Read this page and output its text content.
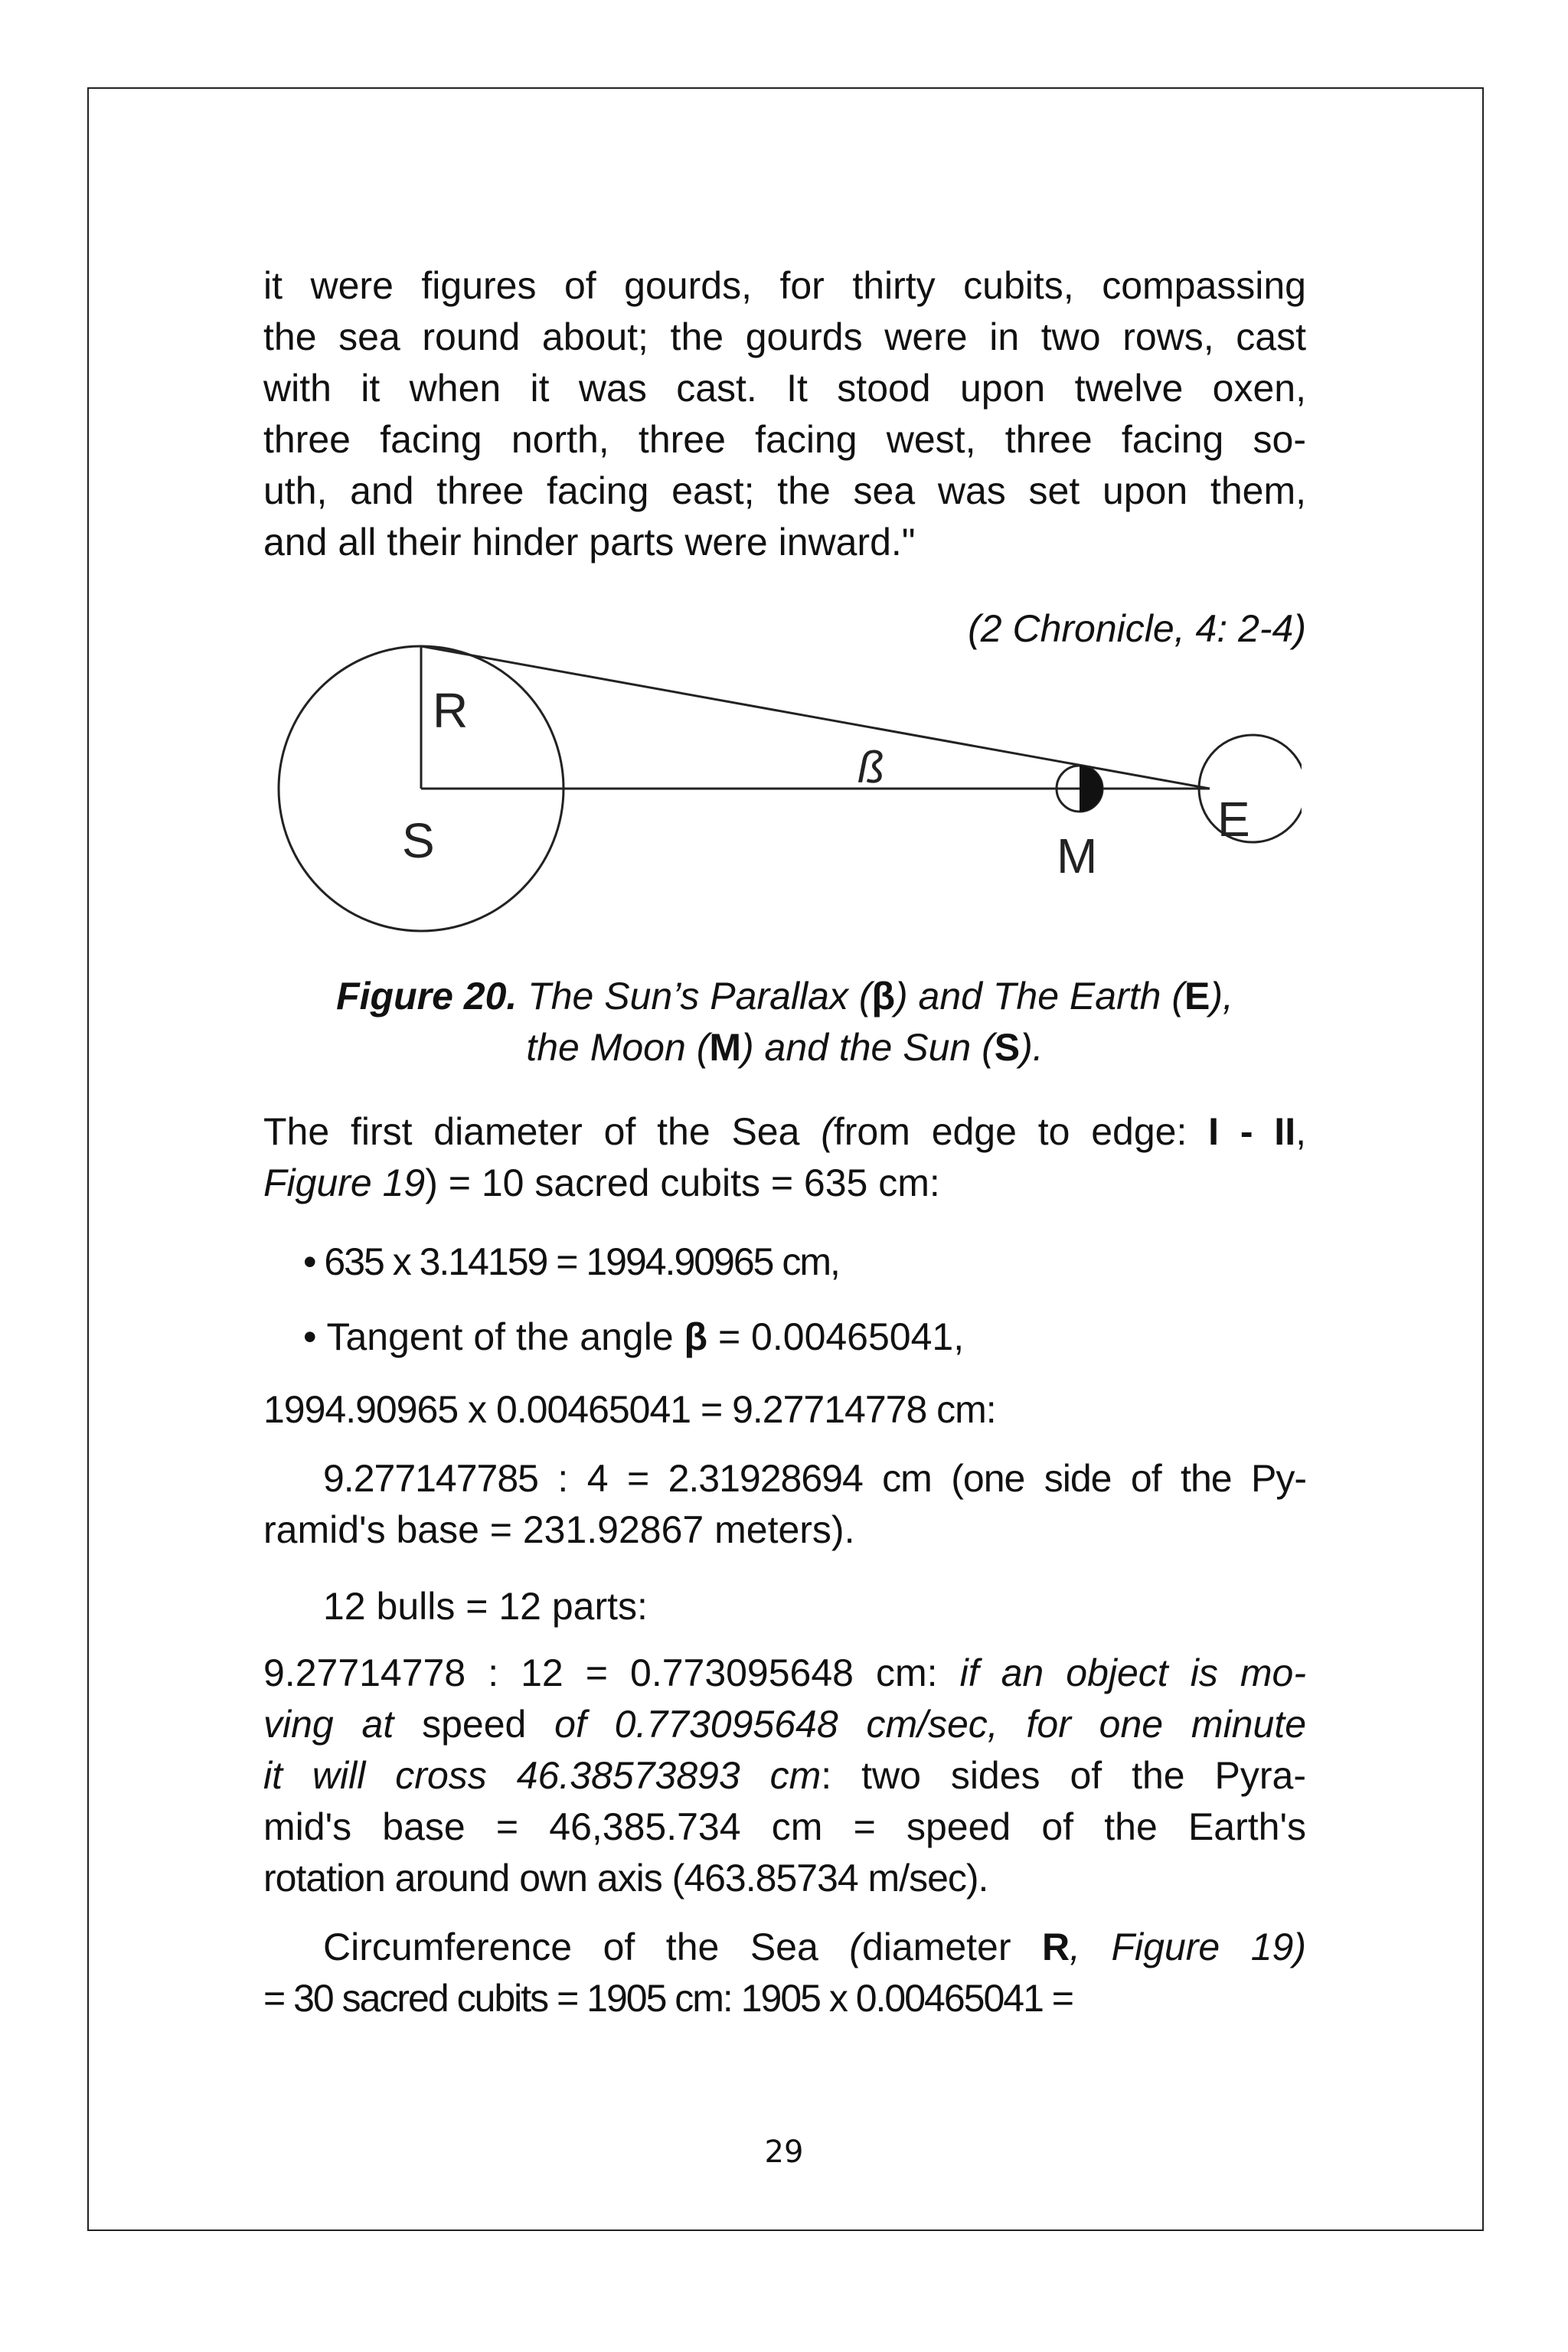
it were figures of gourds, for thirty cubits, compassing
the sea round about; the gourds were in two rows, cast
with it when it was cast. It stood upon twelve oxen,
three facing north, three facing west, three facing so-
uth, and three facing east; the sea was set upon them,
and all their hinder parts were inward."

(2 Chronicle, 4: 2-4)
R
S	M
E
ß
Figure 20. The Sun’s Parallax (β) and The Earth (E),
the Moon (M) and the Sun (S).

The first diameter of the Sea (from edge to edge: I - II,
Figure 19) = 10 sacred cubits = 635 cm:

• 635 x 3.14159 = 1994.90965 cm,
• Tangent of the angle β = 0.00465041,
1994.90965 x 0.00465041 = 9.27714778 cm:

9.277147785 : 4 = 2.31928694 cm (one side of the Py-
ramid's base = 231.92867 meters).

12 bulls = 12 parts:

9.27714778 : 12 = 0.773095648 cm: if an object is mo-
ving at speed of 0.773095648 cm/sec, for one minute
it will cross 46.38573893 cm: two sides of the Pyra-
mid's base = 46,385.734 cm = speed of the Earth's
rotation around own axis (463.85734 m/sec).

Circumference of the Sea (diameter R, Figure 19)
= 30 sacred cubits = 1905 cm: 1905 x 0.00465041 =

29
